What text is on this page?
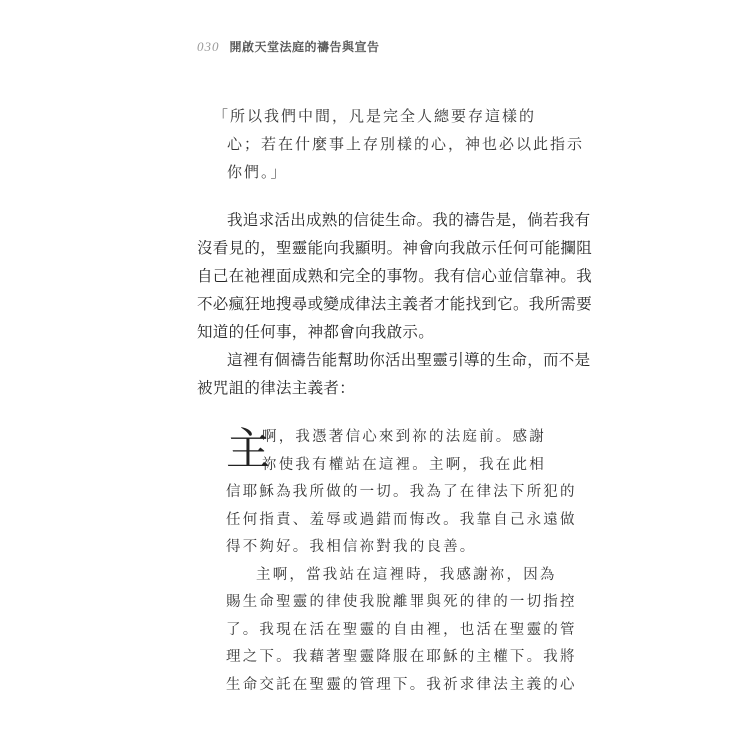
030 開啟天堂法庭的禱告與宣告
「所以我們中間，凡是完全人總要存這樣的
心；若在什麼事上存別樣的心，神也必以此指示
你們。」
我追求活出成熟的信徒生命。我的禱告是，倘若我有
沒看見的，聖靈能向我顯明。神會向我啟示任何可能攔阻
自己在祂裡面成熟和完全的事物。我有信心並信靠神。我
不必瘋狂地搜尋或變成律法主義者才能找到它。我所需要
知道的任何事，神都會向我啟示。
這裡有個禱告能幫助你活出聖靈引導的生命，而不是
被咒詛的律法主義者：
主
啊，我憑著信心來到祢的法庭前。感謝
祢使我有權站在這裡。主啊，我在此相
信耶穌為我所做的一切。我為了在律法下所犯的
任何指責、羞辱或過錯而悔改。我靠自己永遠做
得不夠好。我相信祢對我的良善。
主啊，當我站在這裡時，我感謝祢，因為
賜生命聖靈的律使我脫離罪與死的律的一切指控
了。我現在活在聖靈的自由裡，也活在聖靈的管
理之下。我藉著聖靈降服在耶穌的主權下。我將
生命交託在聖靈的管理下。我祈求律法主義的心
